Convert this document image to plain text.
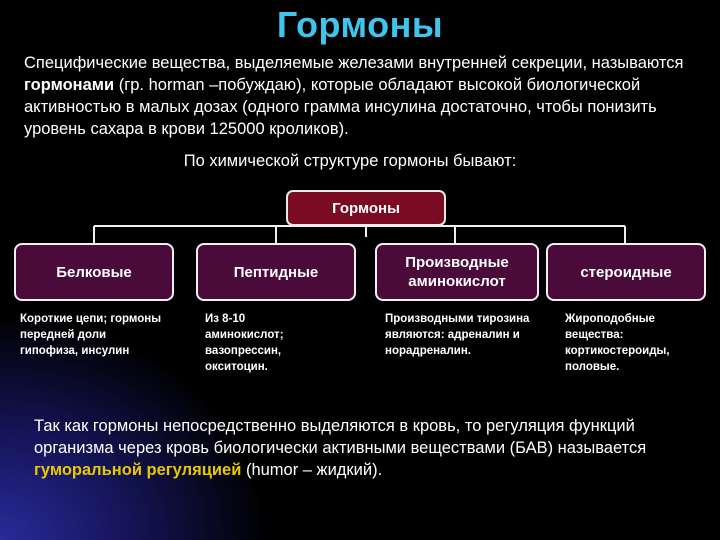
Гормоны
Специфические вещества, выделяемые железами внутренней секреции, называются гормонами (гр. horman –побуждаю), которые обладают высокой биологической активностью в малых дозах (одного грамма инсулина достаточно, чтобы понизить уровень сахара в крови 125000 кроликов).
По химической структуре гормоны бывают:
Гормоны
Белковые	Пептидные
Производные аминокислот
стероидные
Короткие цепи; гормоны передней доли гипофиза, инсулин
Из 8-10 аминокислот; вазопрессин, окситоцин.
Производными тирозина являются: адреналин и норадреналин.
Жироподобные вещества: кортикостероиды, половые.
Так как гормоны непосредственно выделяются в кровь, то регуляция функций организма через кровь биологически активными веществами (БАВ) называется гуморальной регуляцией (humor – жидкий).
